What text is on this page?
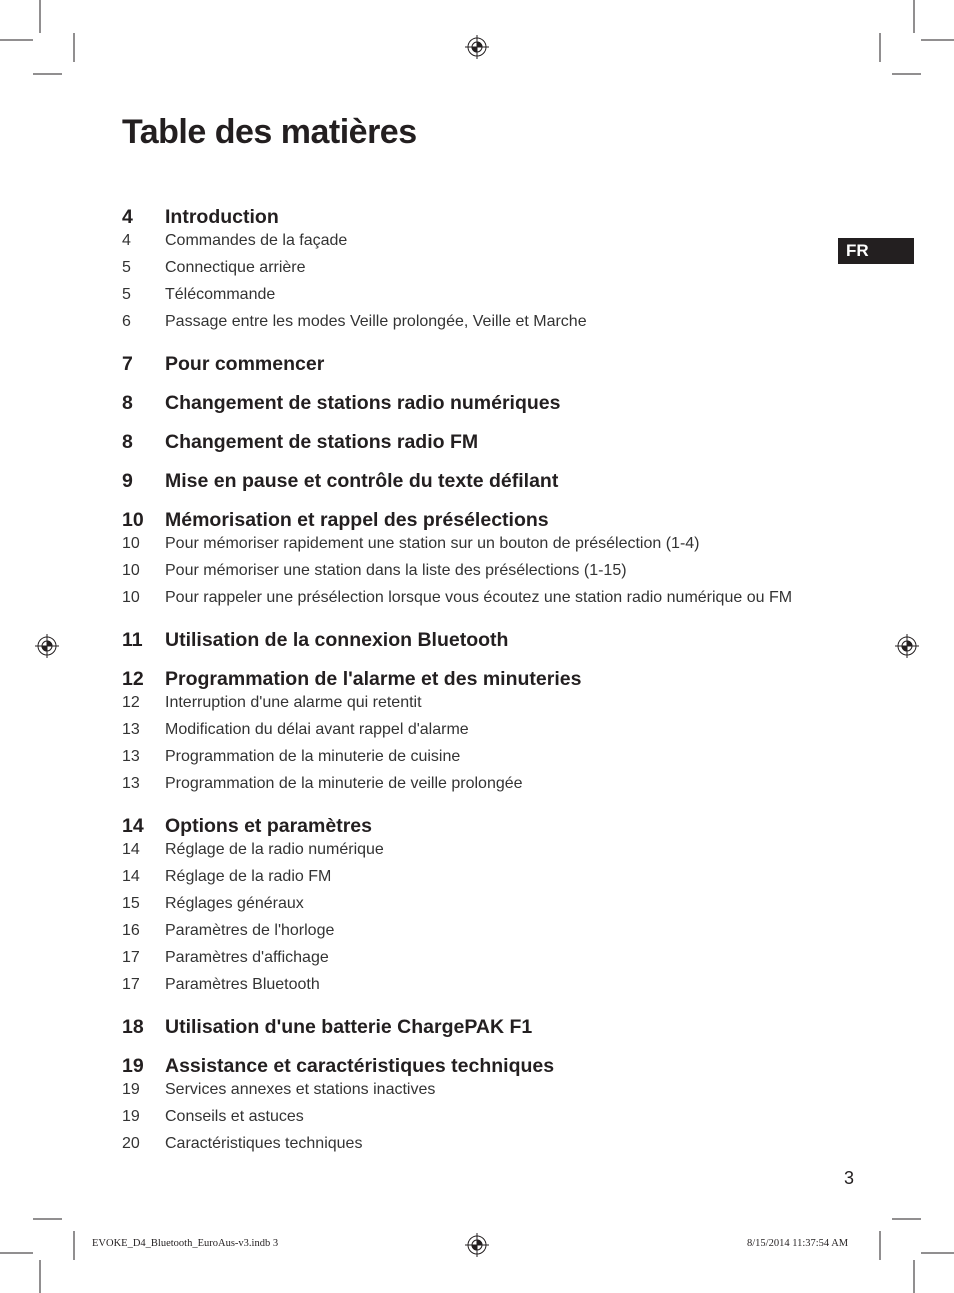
Table des matières
FR
4 Introduction
4 Commandes de la façade
5 Connectique arrière
5 Télécommande
6 Passage entre les modes Veille prolongée, Veille et Marche
7 Pour commencer
8 Changement de stations radio numériques
8 Changement de stations radio FM
9 Mise en pause et contrôle du texte défilant
10 Mémorisation et rappel des présélections
10 Pour mémoriser rapidement une station sur un bouton de présélection (1-4)
10 Pour mémoriser une station dans la liste des présélections (1-15)
10 Pour rappeler une présélection lorsque vous écoutez une station radio numérique ou FM
11 Utilisation de la connexion Bluetooth
12 Programmation de l'alarme et des minuteries
12 Interruption d'une alarme qui retentit
13 Modification du délai avant rappel d'alarme
13 Programmation de la minuterie de cuisine
13 Programmation de la minuterie de veille prolongée
14 Options et paramètres
14 Réglage de la radio numérique
14 Réglage de la radio FM
15 Réglages généraux
16 Paramètres de l'horloge
17 Paramètres d'affichage
17 Paramètres Bluetooth
18 Utilisation d'une batterie ChargePAK F1
19 Assistance et caractéristiques techniques
19 Services annexes et stations inactives
19 Conseils et astuces
20 Caractéristiques techniques
3
EVOKE_D4_Bluetooth_EuroAus-v3.indb 3	8/15/2014 11:37:54 AM
